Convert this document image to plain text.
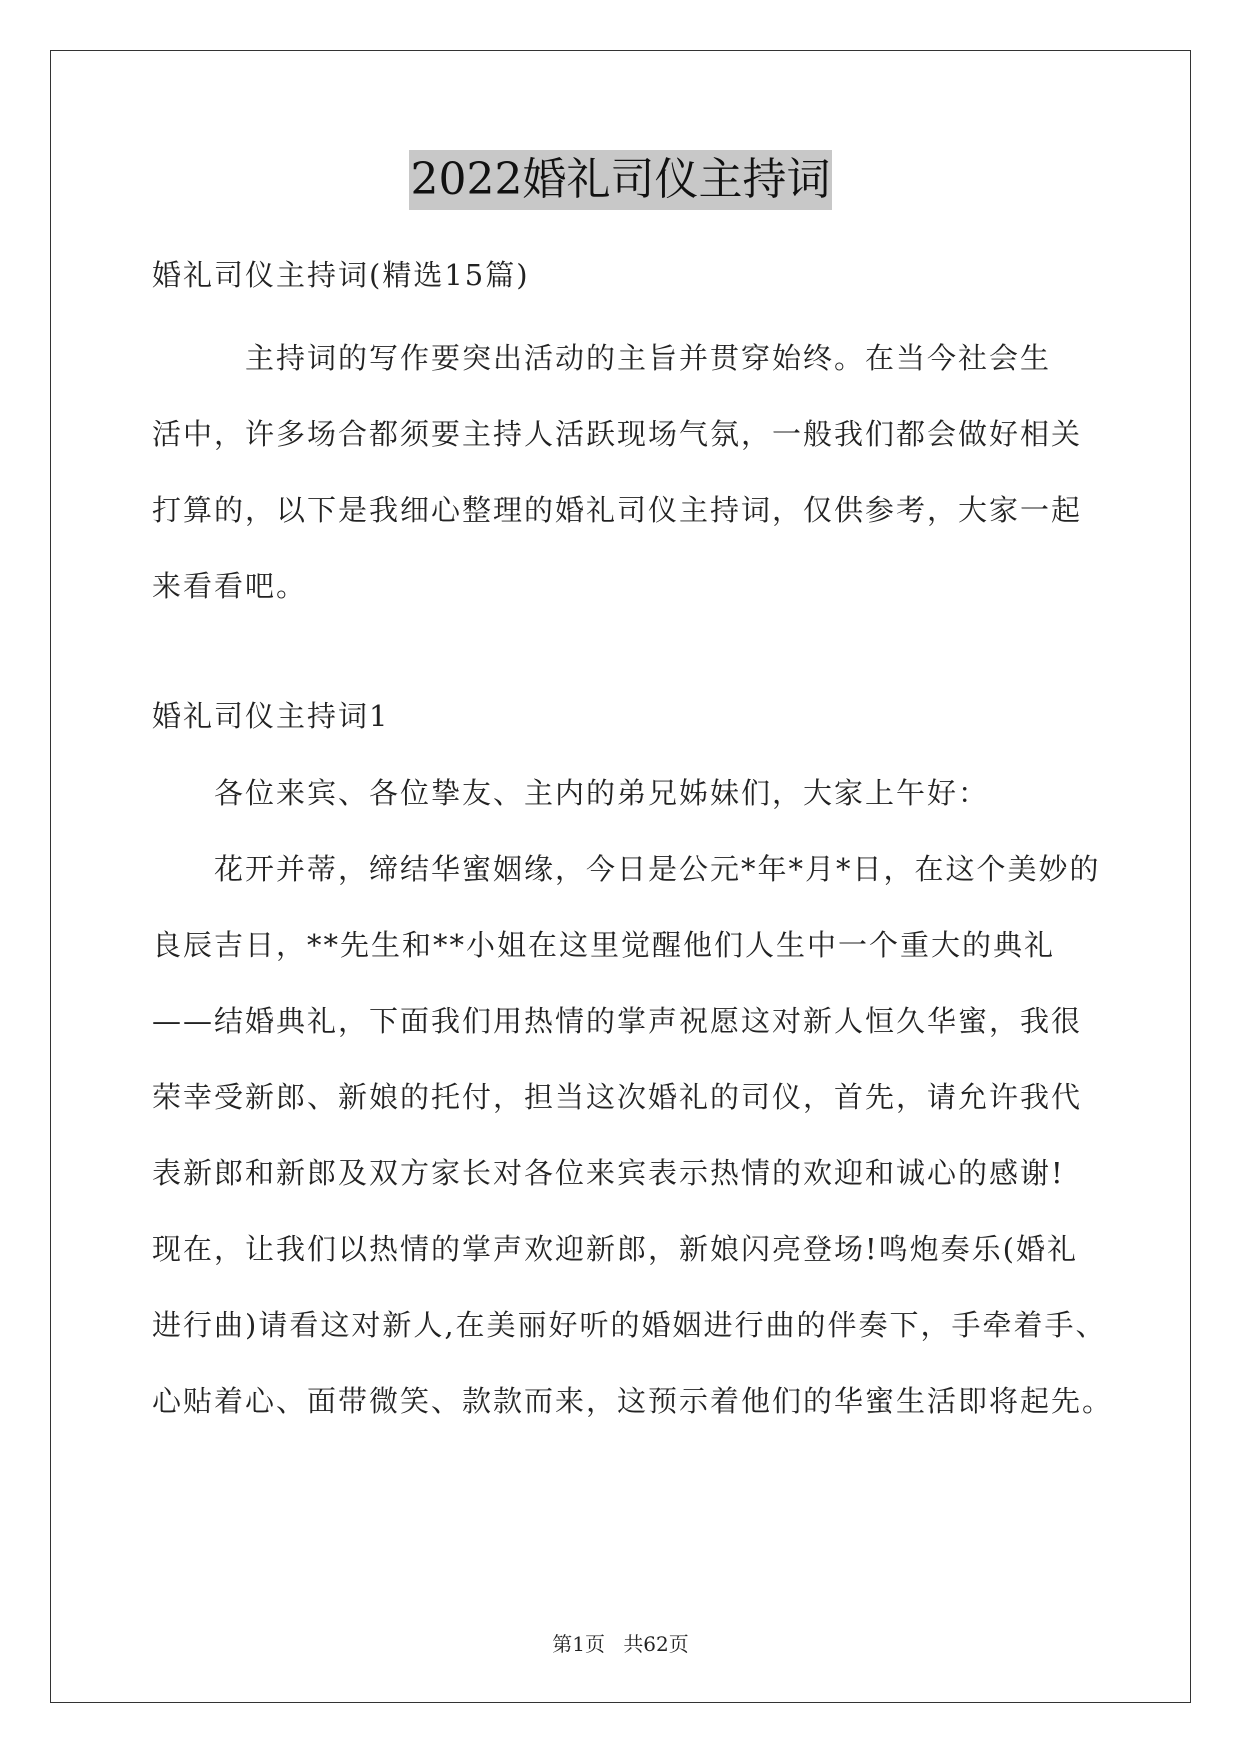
2022婚礼司仪主持词
婚礼司仪主持词(精选15篇)
　　　主持词的写作要突出活动的主旨并贯穿始终。在当今社会生
活中，许多场合都须要主持人活跃现场气氛，一般我们都会做好相关
打算的，以下是我细心整理的婚礼司仪主持词，仅供参考，大家一起
来看看吧。
婚礼司仪主持词1
　　各位来宾、各位挚友、主内的弟兄姊妹们，大家上午好：
　　花开并蒂，缔结华蜜姻缘，今日是公元*年*月*日，在这个美妙的
良辰吉日，**先生和**小姐在这里觉醒他们人生中一个重大的典礼
——结婚典礼，下面我们用热情的掌声祝愿这对新人恒久华蜜，我很
荣幸受新郎、新娘的托付，担当这次婚礼的司仪，首先，请允许我代
表新郎和新郎及双方家长对各位来宾表示热情的欢迎和诚心的感谢!
现在，让我们以热情的掌声欢迎新郎，新娘闪亮登场!鸣炮奏乐(婚礼
进行曲)请看这对新人,在美丽好听的婚姻进行曲的伴奏下，手牵着手、
心贴着心、面带微笑、款款而来，这预示着他们的华蜜生活即将起先。
第1页 共62页
